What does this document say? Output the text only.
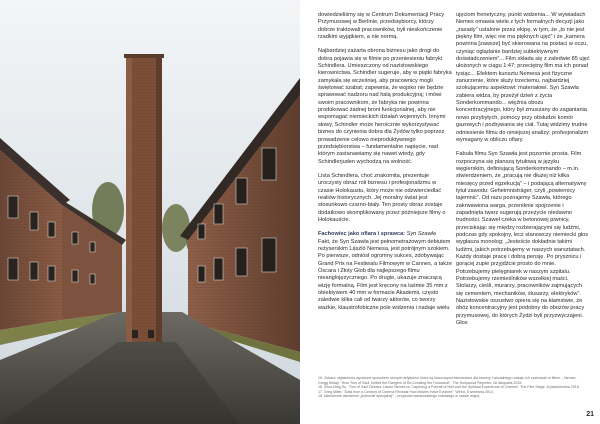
dowiedzieliśmy się w Centrum Dokumentacji Pracy Przymusowej w Berlinie, przedsiębiorcy, którzy dobrze traktowali pracowników, byli nieskończenie rzadkim wyjątkiem, a nie normą.

Najbardziej zażarta obrona biznesu jako drogi do dobra pojawia się w filmie po przeniesieniu fabryki Schindlera. Umieszczony od nazistowskiego kierownictwa, Schindler sugeruje, aby w piątki fabryka zamykała się wcześniej, aby pracownicy mogli świętować szabat; zapewnia, że wojsko nie będzie sprawować nadzoru nad halą produkcyjną; i mówi swoim pracownikom, że fabryka nie powinna produkować żadnej broni funkcjonalnej, aby nie wspomagać niemieckich działań wojennych. Innymi słowy, Schindler może heroicznie wykorzystywać biznes do czynienia dobra dla Żydów tylko poprzez prowadzenie celowo nieproduktywnego przedsiębiorstwa – fundamentalne napięcie, nad którym zastanawiamy się nawet wtedy, gdy Schindlerjuden wychodzą na wolność.

Lista Schindlera, choć znakomita, prezentuje uroczysty obraz roli biznesu i profesjonalizmu w czasie Holokaustu, który może nie odzwierciedlać realiów historycznych. Jej moralny świat jest stosunkowo czarno-biały. Ten prosty obraz zostaje dodatkowo skomplikowany przez późniejsze filmy o Holokauście.

Fachowiec jako ofiara i sprawca: Syn Szawła
Fakt, że Syn Szawła jest pełnometrażowym debiutem reżyserskim László Nemesa, jest potrójnym szokiem. Po pierwsze, odniósł ogromny sukces, zdobywając Grand Prix na Festiwalu Filmowym w Cannes, a także Oscara i Złoty Glob dla najlepszego filmu nieanglojęzycznego. Po drugie, ukazuje znaczącą wizję formalną. Film jest kręcony na taśmie 35 mm z obiektywem 40 mm w formacie Akademii, często zaledwie kilka cali od twarzy aktorów, co tworzy ważkie, klaustrofobiczne pole widzenia i nadaje wielu

ujęciom frenetyczny, punkt widzenia... W wywiadach Nemes omawia wiele z tych formalnych decyzji jako „zasady” ustalone przez ekipę, w tym, że „to nie jest piękny film, więc nie ma pięknych ujęć” i że „kamera powinna [zawsze] być skierowana na postaci w oczu, czyniąc oglądanie bardziej subiektywnym doświadczeniem”... Film składa się z zaledwie 85 ujęć ułożonych w ciągu 1:47; przeciętny film ma ich ponad tysiąc... Efektem kunsztu Nemesa jest fizyczne zanurzenie, które służy trzeciemu, najbardziej szokującemu aspektowi: materiałowi. Syn Szawła zabiera widza, by przeżył dzień z życia Sonderkommando... więźnia obozu koncentracyjnego, który był zmuszany do zaganiania nowo przybyłych, pomocy przy obsłudze komór gazowych i pozbywania się ciał. Tutaj widzimy trudne odniesienie filmu do niniejszej analizy: profesjonalizm wymagany w obliczu ofiary.

Fabuła filmu Syn Szawła jest pozornie prosta. Film rozpoczyna się planszą tytułową w języku węgierskim, definiującą Sonderkommando – m.in. stwierdzeniem, że „pracują nie dłużej niż kilka miesięcy przed egzekucją” – i podającą alternatywny tytuł zawodu: Geheimnisträger, czyli „powiernicy tajemnic”. Od razu poznajemy Szawła, którego zakrwawiona warga, przeniknie spojrzenie i zapadnięta twarz sugerują przeżycie niedawno trudności. Szaweł czeka w betonowej piwnicy, przeciskając się między rozbierającymi się ludźmi, podczas gdy spokojny, lecz stanowczy niemiecki głos wygłasza monolog: „Jesteście dokładnie takimi ludźmi, jakich potrzebujemy w naszych warsztatach. Każdy dostaje pracę i dobrą pensję. Po prysznicu i gorącej zupie przyjdźcie prosto do mnie. Potrzebujemy pielęgniarek w naszym szpitalu. Potrzebujemy rzemieślników wszelkiej maści. Stolarzy, cieśli, murarzy, pracowników zajmujących się cementem, mechaników, ślusarzy, elektryków”. Nazistowskie oszustwo opiera się na kłamstwie, że obóz koncentracyjny jest podobny do obozów pracy przymusowej, do których Żydzi byli przyzwyczajeni. Głos

15. Zobacz objaśnienia wyrażone sposobem różnych artykułów, które są kluczowymi elementami dla kamery i wizualnego rodzaju ich zachowań w filmie – Nemes, Gregg Kilday, "How 'Son of Saul' Defied the Dangers of Re-Creating the Holocaust", The Hollywood Reporter, 16 listopada 2015.
16. Zhuo-Ning Su, "Son of Saul Director László Nemes on Capturing a Portrait of Hell and the Spiritual Experience of Cinema", The Film Stage, 8 października 2015.
17. Greg Miller, "Data from a Century of Cinema Reveals How Movies Have Evolved", Wired, 8 września 2014.
18. Niemieckie określenie „jednostki specjalnej” – przydział nazistowskiego kultowego w czasie wojny.
21
